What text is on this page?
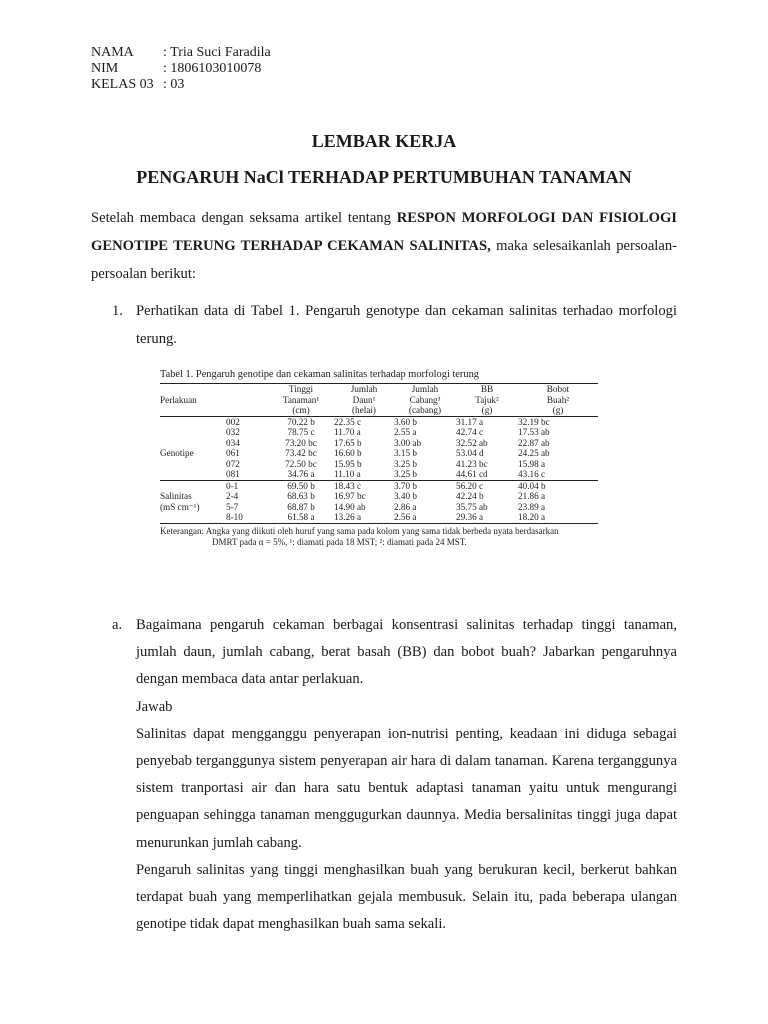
NAMA	: Tria Suci Faradila
NIM	: 1806103010078
KELAS 03 : 03
LEMBAR KERJA
PENGARUH NaCl TERHADAP PERTUMBUHAN TANAMAN
Setelah membaca dengan seksama artikel tentang RESPON MORFOLOGI DAN FISIOLOGI GENOTIPE TERUNG TERHADAP CEKAMAN SALINITAS, maka selesaikanlah persoalan-persoalan berikut:
1. Perhatikan data di Tabel 1. Pengaruh genotype dan cekaman salinitas terhadao morfologi terung.
Tabel 1. Pengaruh genotipe dan cekaman salinitas terhadap morfologi terung
		Tinggi	Jumlah	Jumlah	BB	Bobot
Perlakuan		Tanaman¹	Daun¹	Cabang³	Tajuk²	Buah²
		(cm)	(helai)	(cabang)	(g)	(g)
	002	70.22 b	22.35 c	3.60 b	31.17 a	32.19 bc
	032	78.75 c	11.70 a	2.55 a	42.74 c	17.53 ab
	034	73.20 bc	17.65 b	3.00 ab	32.52 ab	22.87 ab
Genotipe	061	73.42 bc	16.60 b	3.15 b	53.04 d	24.25 ab
	072	72.50 bc	15.95 b	3.25 b	41.23 bc	15.98 a
	081	34.76 a	11.10 a	3.25 b	44.61 cd	43.16 c
	0-1	69.50 b	18.43 c	3.70 b	56.20 c	40.04 b
Salinitas	2-4	68.63 b	16.97 bc	3.40 b	42.24 b	21.86 a
(mS cm⁻¹)	5-7	68.87 b	14.90 ab	2.86 a	35.75 ab	23.89 a
	8-10	61.58 a	13.26 a	2.56 a	29.36 a	18.20 a
Keterangan: Angka yang diikuti oleh huruf yang sama pada kolom yang sama tidak berbeda nyata berdasarkan
DMRT pada α = 5%, ¹: diamati pada 18 MST; ²: diamati pada 24 MST.
a. Bagaimana pengaruh cekaman berbagai konsentrasi salinitas terhadap tinggi tanaman, jumlah daun, jumlah cabang, berat basah (BB) dan bobot buah? Jabarkan pengaruhnya dengan membaca data antar perlakuan.

Jawab

Salinitas dapat mengganggu penyerapan ion-nutrisi penting, keadaan ini diduga sebagai penyebab terganggunya sistem penyerapan air hara di dalam tanaman. Karena terganggunya sistem tranportasi air dan hara satu bentuk adaptasi tanaman yaitu untuk mengurangi penguapan sehingga tanaman menggugurkan daunnya. Media bersalinitas tinggi juga dapat menurunkan jumlah cabang.

Pengaruh salinitas yang tinggi menghasilkan buah yang berukuran kecil, berkerut bahkan terdapat buah yang memperlihatkan gejala membusuk. Selain itu, pada beberapa ulangan genotipe tidak dapat menghasilkan buah sama sekali.
